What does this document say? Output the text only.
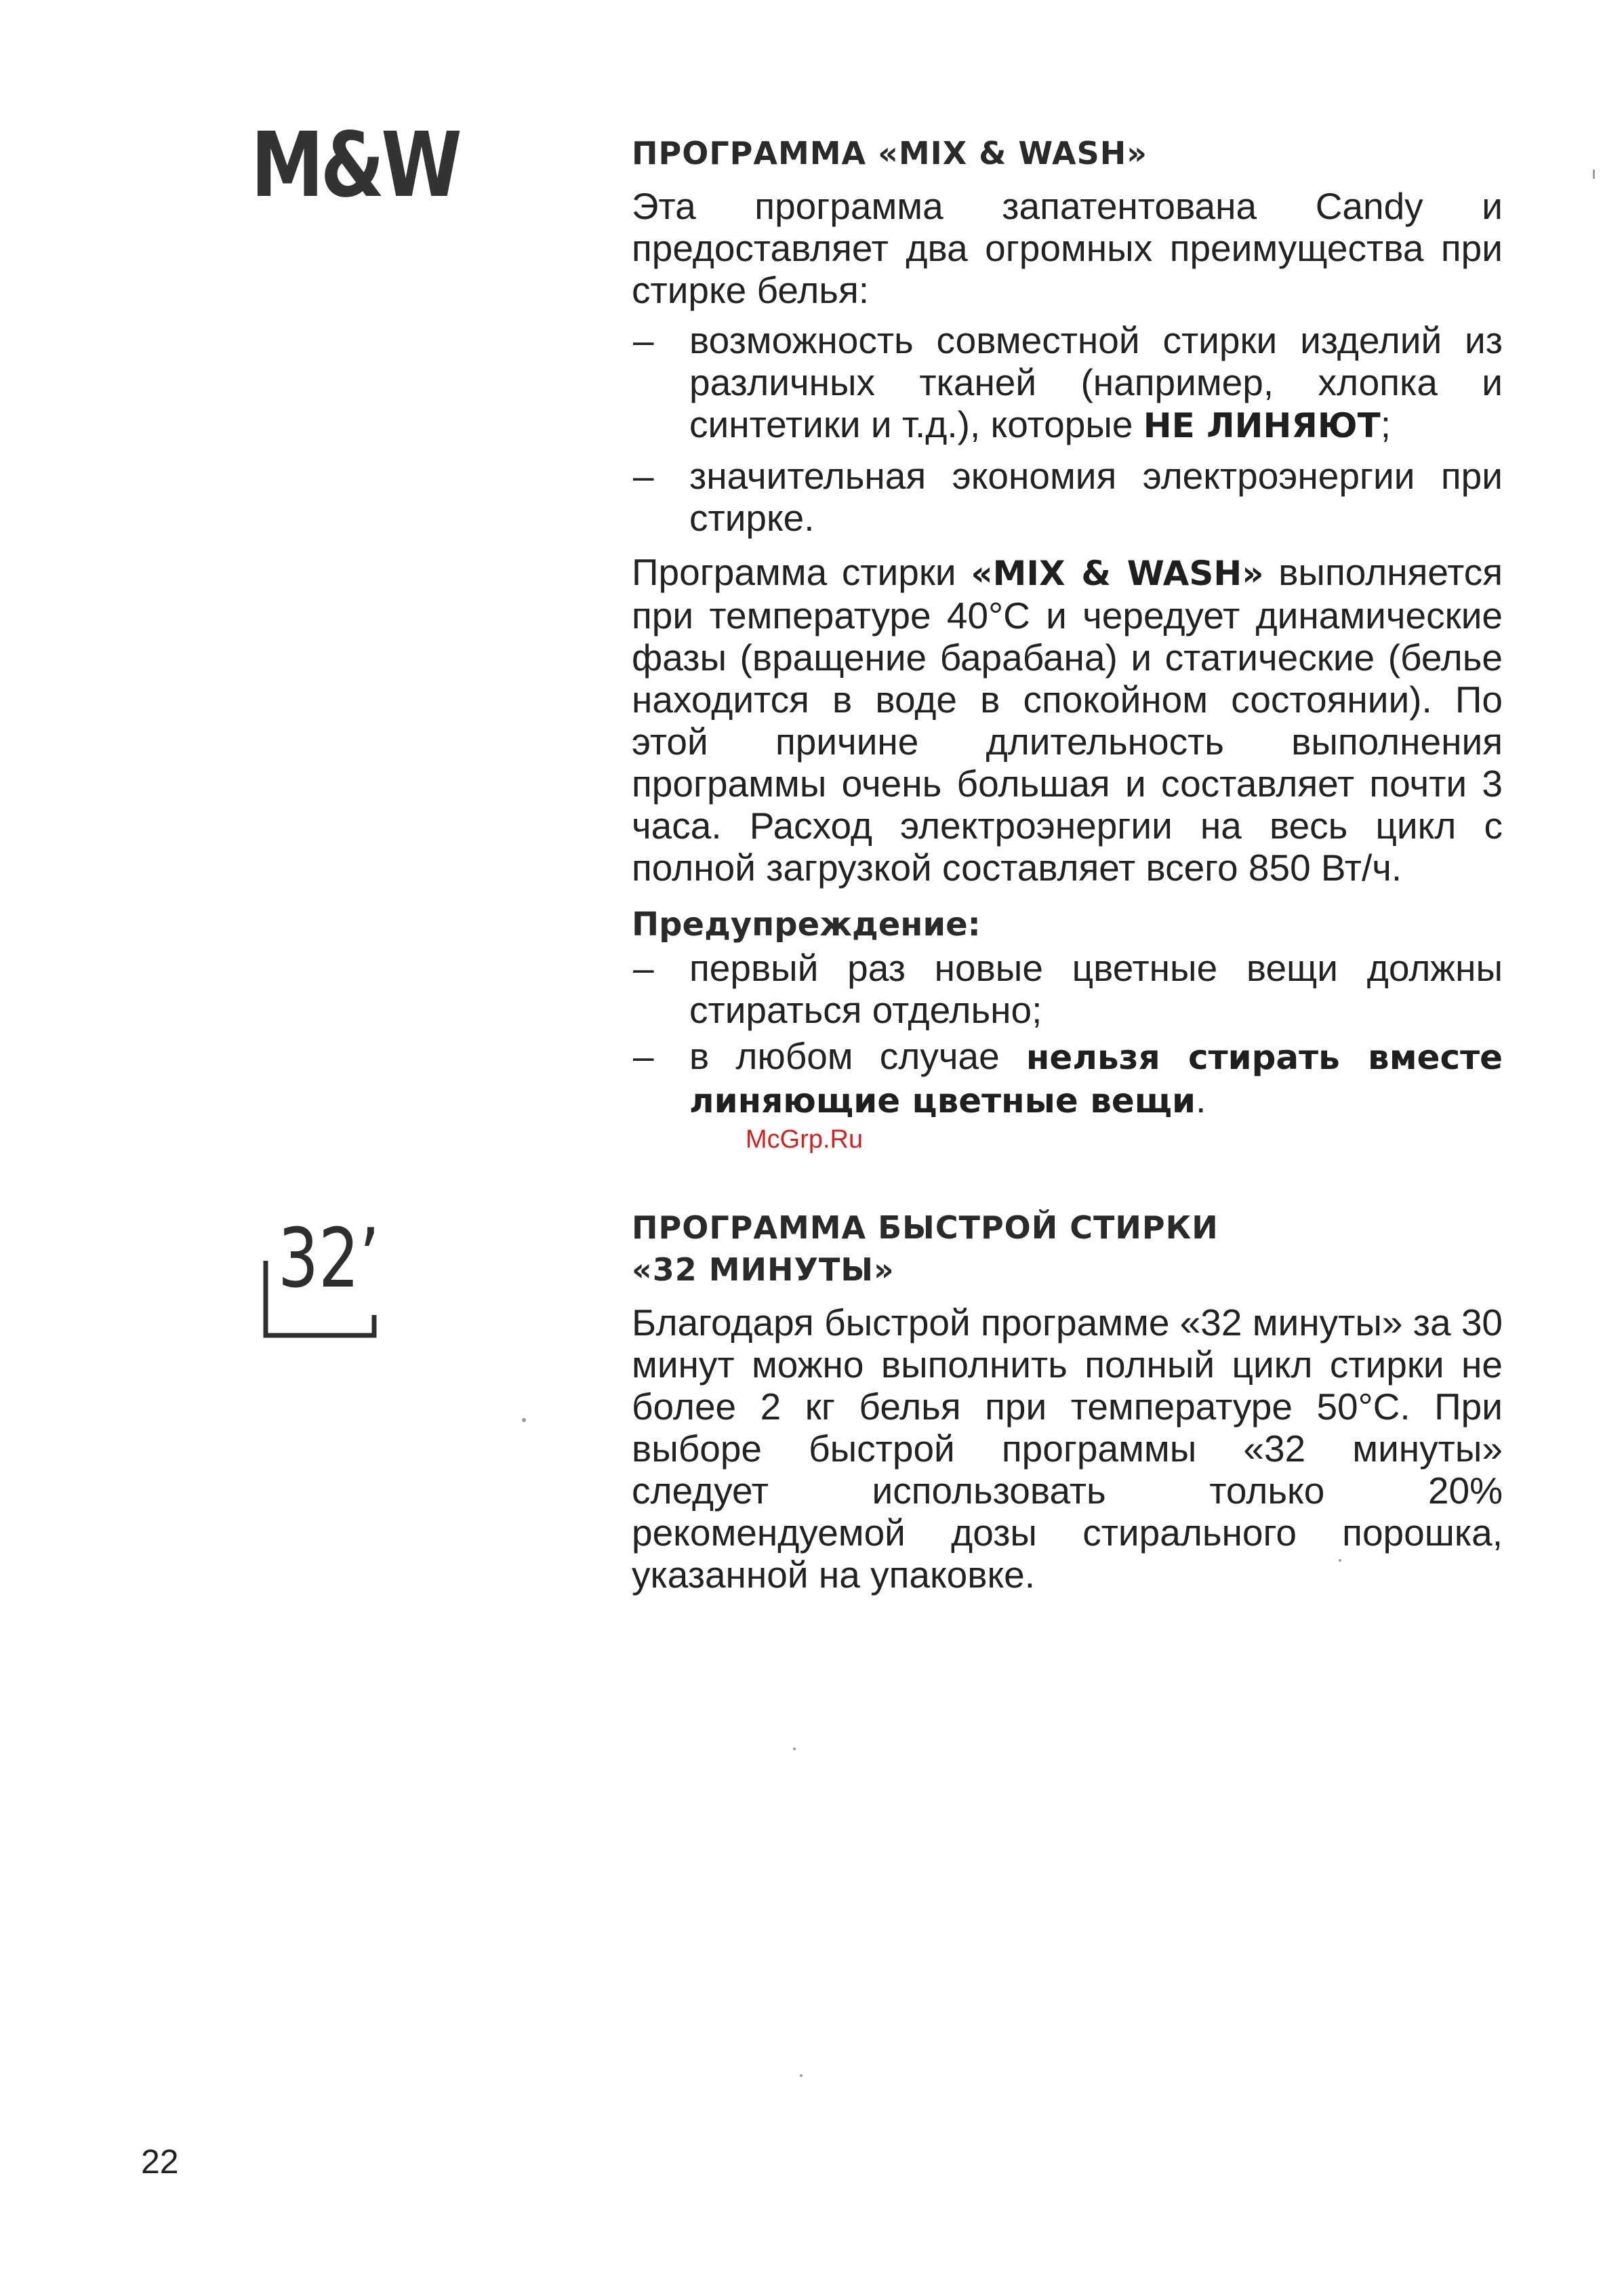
M&W
32’
ПРОГРАММА «MIX & WASH»

Эта программа запатентована Candy и предоставляет два огромных преимущества при стирке белья:

– возможность совместной стирки изделий из различных тканей (например, хлопка и синтетики и т.д.), которые НЕ ЛИНЯЮТ;
– значительная экономия электроэнергии при стирке.

Программа стирки «MIX & WASH» выполняется при температуре 40°C и чередует динамические фазы (вращение барабана) и статические (белье находится в воде в спокойном состоянии). По этой причине длительность выполнения программы очень большая и составляет почти 3 часа. Расход электроэнергии на весь цикл с полной загрузкой составляет всего 850 Вт/ч.

Предупреждение:

– первый раз новые цветные вещи должны стираться отдельно;
– в любом случае нельзя стирать вместе линяющие цветные вещи.
McGrp.Ru
ПРОГРАММА БЫСТРОЙ СТИРКИ
«32 МИНУТЫ»

Благодаря быстрой программе «32 минуты» за 30 минут можно выполнить полный цикл стирки не более 2 кг белья при температуре 50°C. При выборе быстрой программы «32 минуты» следует использовать только 20% рекомендуемой дозы стирального порошка, указанной на упаковке.

22
